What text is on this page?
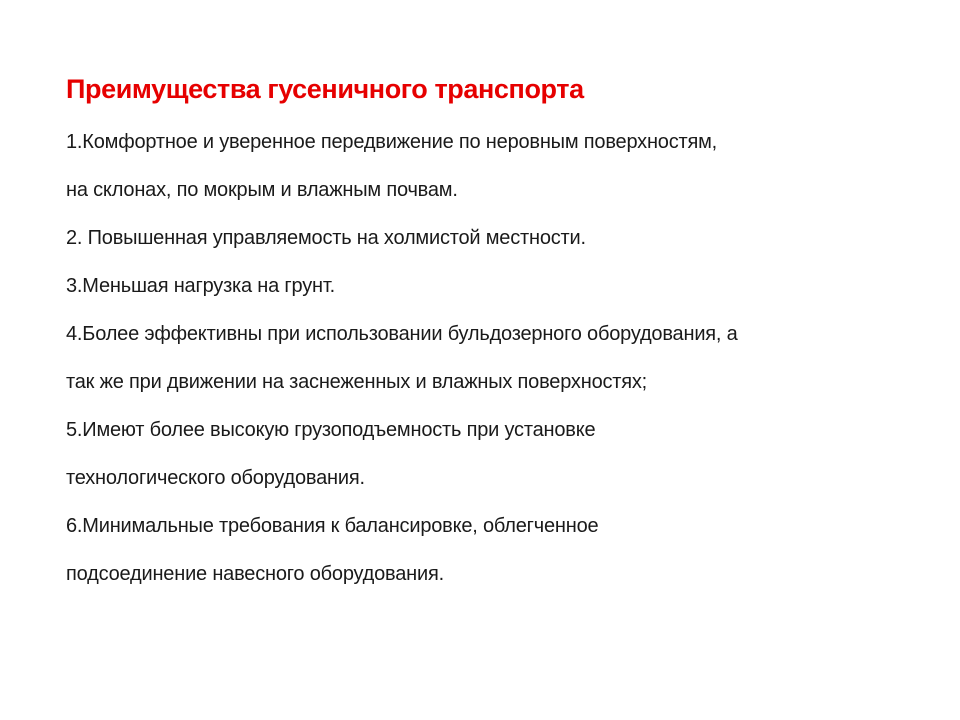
Преимущества гусеничного транспорта
1.Комфортное и уверенное передвижение по неровным поверхностям,
на склонах, по мокрым и влажным почвам.
2. Повышенная управляемость на холмистой местности.
3.Меньшая нагрузка на грунт.
4.Более эффективны при использовании бульдозерного оборудования, а
так же при движении на заснеженных и влажных поверхностях;
5.Имеют более высокую грузоподъемность при установке
технологического оборудования.
6.Минимальные требования к балансировке, облегченное
подсоединение навесного оборудования.
